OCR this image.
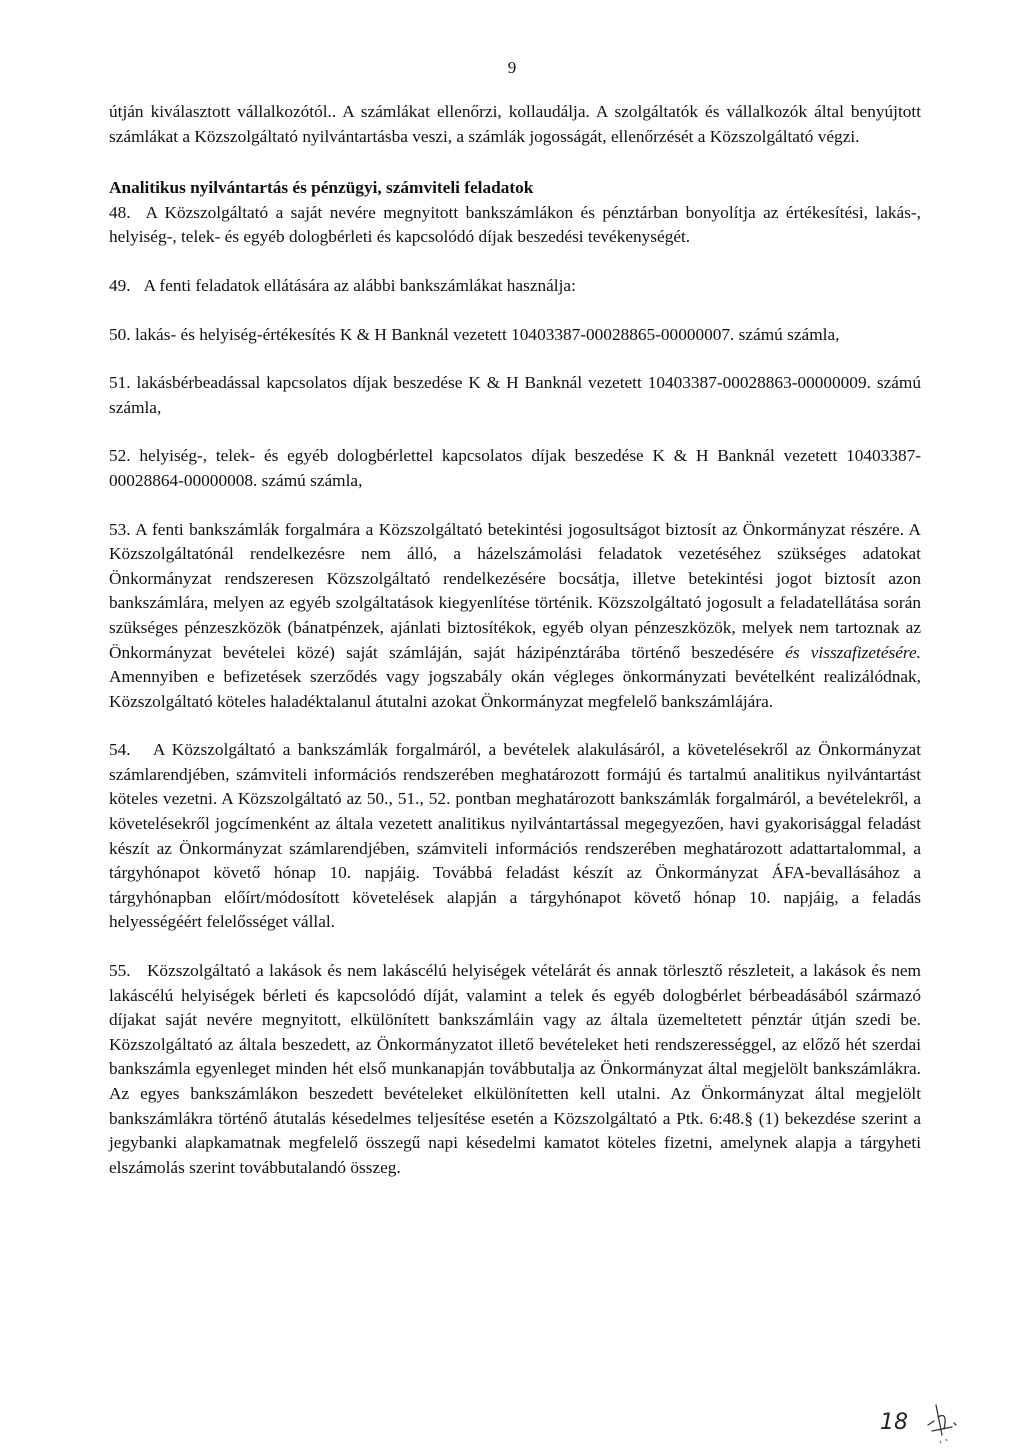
9

útján kiválasztott vállalkozótól.. A számlákat ellenőrzi, kollaudálja. A szolgáltatók és vállalkozók által benyújtott számlákat a Közszolgáltató nyilvántartásba veszi, a számlák jogosságát, ellenőrzését a Közszolgáltató végzi.

Analitikus nyilvántartás és pénzügyi, számviteli feladatok

48. A Közszolgáltató a saját nevére megnyitott bankszámlákon és pénztárban bonyolítja az értékesítési, lakás-, helyiség-, telek- és egyéb dologbérleti és kapcsolódó díjak beszedési tevékenységét.

49. A fenti feladatok ellátására az alábbi bankszámlákat használja:

50. lakás- és helyiség-értékesítés K & H Banknál vezetett 10403387-00028865-00000007. számú számla,

51. lakásbérbeadással kapcsolatos díjak beszedése K & H Banknál vezetett 10403387-00028863-00000009. számú számla,

52. helyiség-, telek- és egyéb dologbérlettel kapcsolatos díjak beszedése K & H Banknál vezetett 10403387-00028864-00000008. számú számla,

53. A fenti bankszámlák forgalmára a Közszolgáltató betekintési jogosultságot biztosít az Önkormányzat részére. A Közszolgáltatónál rendelkezésre nem álló, a házelszámolási feladatok vezetéséhez szükséges adatokat Önkormányzat rendszeresen Közszolgáltató rendelkezésére bocsátja, illetve betekintési jogot biztosít azon bankszámlára, melyen az egyéb szolgáltatások kiegyenlítése történik. Közszolgáltató jogosult a feladatellátása során szükséges pénzeszközök (bánatpénzek, ajánlati biztosítékok, egyéb olyan pénzeszközök, melyek nem tartoznak az Önkormányzat bevételei közé) saját számláján, saját házipénztárába történő beszedésére és visszafizetésére. Amennyiben e befizetések szerződés vagy jogszabály okán végleges önkormányzati bevételként realizálódnak, Közszolgáltató köteles haladéktalanul átutalni azokat Önkormányzat megfelelő bankszámlájára.

54. A Közszolgáltató a bankszámlák forgalmáról, a bevételek alakulásáról, a követelésekről az Önkormányzat számlarendjében, számviteli információs rendszerében meghatározott formájú és tartalmú analitikus nyilvántartást köteles vezetni. A Közszolgáltató az 50., 51., 52. pontban meghatározott bankszámlák forgalmáról, a bevételekről, a követelésekről jogcímenként az általa vezetett analitikus nyilvántartással megegyezően, havi gyakorisággal feladást készít az Önkormányzat számlarendjében, számviteli információs rendszerében meghatározott adattartalommal, a tárgyhónapot követő hónap 10. napjáig. Továbbá feladást készít az Önkormányzat ÁFA-bevallásához a tárgyhónapban előírt/módosított követelések alapján a tárgyhónapot követő hónap 10. napjáig, a feladás helyességéért felelősséget vállal.

55. Közszolgáltató a lakások és nem lakáscélú helyiségek vételárát és annak törlesztő részleteit, a lakások és nem lakáscélú helyiségek bérleti és kapcsolódó díját, valamint a telek és egyéb dologbérlet bérbeadásából származó díjakat saját nevére megnyitott, elkülönített bankszámláin vagy az általa üzemeltetett pénztár útján szedi be. Közszolgáltató az általa beszedett, az Önkormányzatot illető bevételeket heti rendszerességgel, az előző hét szerdai bankszámla egyenleget minden hét első munkanapján továbbutalja az Önkormányzat által megjelölt bankszámlákra. Az egyes bankszámlákon beszedett bevételeket elkülönítetten kell utalni. Az Önkormányzat által megjelölt bankszámlákra történő átutalás késedelmes teljesítése esetén a Közszolgáltató a Ptk. 6:48.§ (1) bekezdése szerint a jegybanki alapkamatnak megfelelő összegű napi késedelmi kamatot köteles fizetni, amelynek alapja a tárgyheti elszámolás szerint továbbutalandó összeg.

18
